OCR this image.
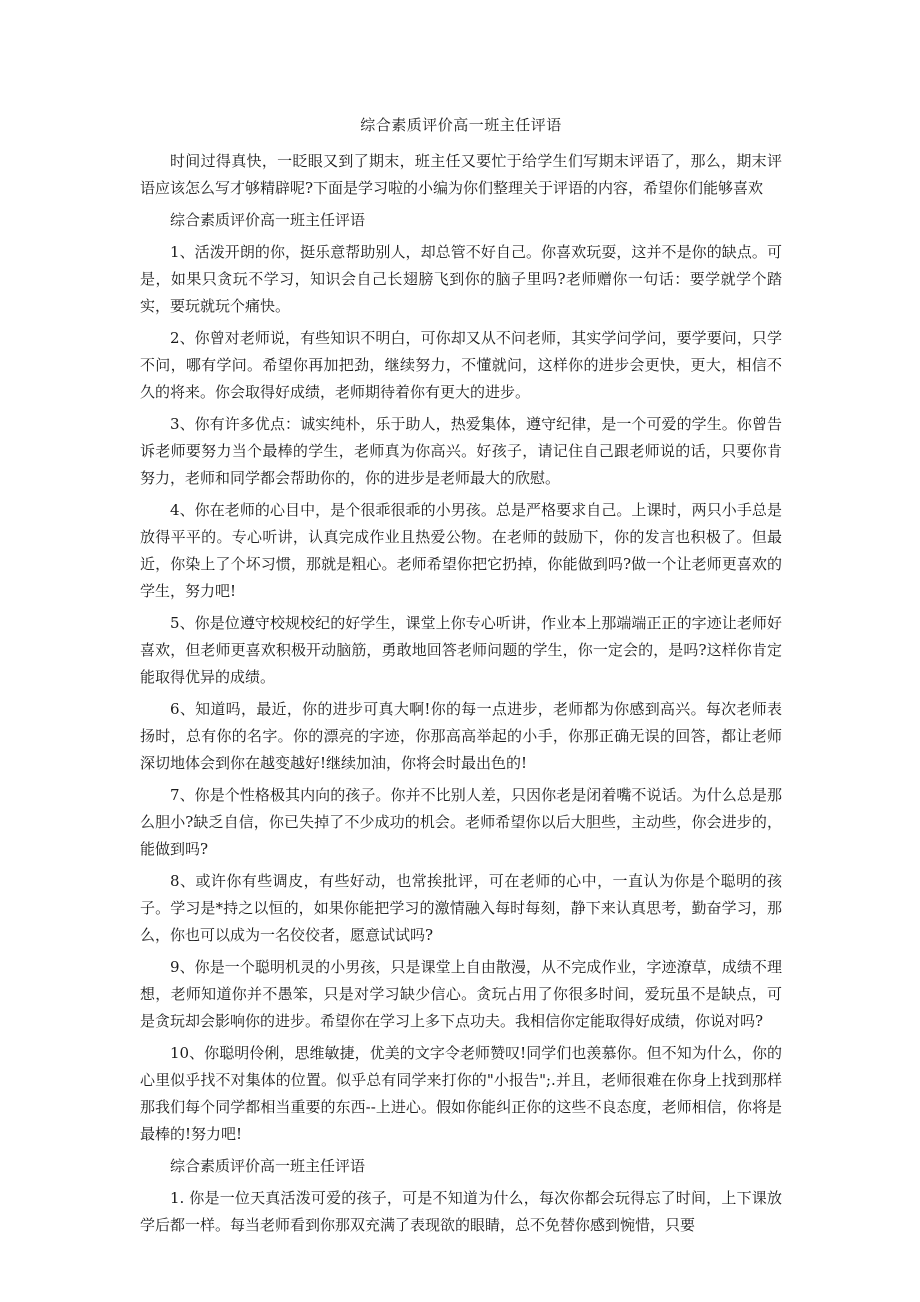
综合素质评价高一班主任评语

时间过得真快，一眨眼又到了期末，班主任又要忙于给学生们写期末评语了，那么，期末评语应该怎么写才够精辟呢?下面是学习啦的小编为你们整理关于评语的内容，希望你们能够喜欢

综合素质评价高一班主任评语

1、活泼开朗的你，挺乐意帮助别人，却总管不好自己。你喜欢玩耍，这并不是你的缺点。可是，如果只贪玩不学习，知识会自己长翅膀飞到你的脑子里吗?老师赠你一句话：要学就学个踏实，要玩就玩个痛快。

2、你曾对老师说，有些知识不明白，可你却又从不问老师，其实学问学问，要学要问，只学不问，哪有学问。希望你再加把劲，继续努力，不懂就问，这样你的进步会更快，更大，相信不久的将来。你会取得好成绩，老师期待着你有更大的进步。

3、你有许多优点：诚实纯朴，乐于助人，热爱集体，遵守纪律，是一个可爱的学生。你曾告诉老师要努力当个最棒的学生，老师真为你高兴。好孩子，请记住自己跟老师说的话，只要你肯努力，老师和同学都会帮助你的，你的进步是老师最大的欣慰。

4、你在老师的心目中，是个很乖很乖的小男孩。总是严格要求自己。上课时，两只小手总是放得平平的。专心听讲，认真完成作业且热爱公物。在老师的鼓励下，你的发言也积极了。但最近，你染上了个坏习惯，那就是粗心。老师希望你把它扔掉，你能做到吗?做一个让老师更喜欢的学生，努力吧!

5、你是位遵守校规校纪的好学生，课堂上你专心听讲，作业本上那端端正正的字迹让老师好喜欢，但老师更喜欢积极开动脑筋，勇敢地回答老师问题的学生，你一定会的，是吗?这样你肯定能取得优异的成绩。

6、知道吗，最近，你的进步可真大啊!你的每一点进步，老师都为你感到高兴。每次老师表扬时，总有你的名字。你的漂亮的字迹，你那高高举起的小手，你那正确无误的回答，都让老师深切地体会到你在越变越好!继续加油，你将会时最出色的!

7、你是个性格极其内向的孩子。你并不比别人差，只因你老是闭着嘴不说话。为什么总是那么胆小?缺乏自信，你已失掉了不少成功的机会。老师希望你以后大胆些，主动些，你会进步的，能做到吗?

8、或许你有些调皮，有些好动，也常挨批评，可在老师的心中，一直认为你是个聪明的孩子。学习是*持之以恒的，如果你能把学习的激情融入每时每刻，静下来认真思考，勤奋学习，那么，你也可以成为一名佼佼者，愿意试试吗?

9、你是一个聪明机灵的小男孩，只是课堂上自由散漫，从不完成作业，字迹潦草，成绩不理想，老师知道你并不愚笨，只是对学习缺少信心。贪玩占用了你很多时间，爱玩虽不是缺点，可是贪玩却会影响你的进步。希望你在学习上多下点功夫。我相信你定能取得好成绩，你说对吗?

10、你聪明伶俐，思维敏捷，优美的文字令老师赞叹!同学们也羡慕你。但不知为什么，你的心里似乎找不对集体的位置。似乎总有同学来打你的"小报告";.并且，老师很难在你身上找到那样那我们每个同学都相当重要的东西--上进心。假如你能纠正你的这些不良态度，老师相信，你将是最棒的!努力吧!

综合素质评价高一班主任评语

1. 你是一位天真活泼可爱的孩子，可是不知道为什么，每次你都会玩得忘了时间，上下课放学后都一样。每当老师看到你那双充满了表现欲的眼睛，总不免替你感到惋惜，只要
